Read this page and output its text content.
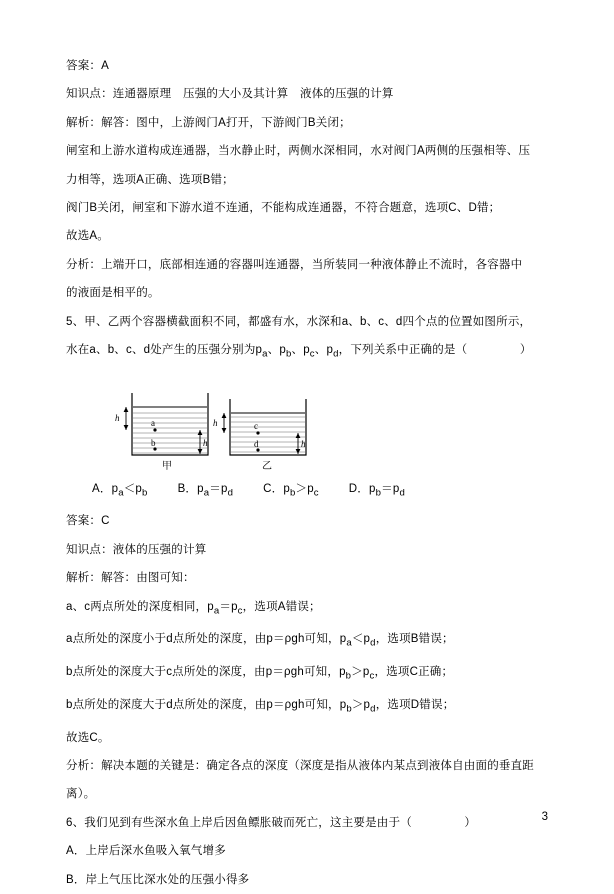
答案：A
知识点：连通器原理　压强的大小及其计算　液体的压强的计算
解析：解答：图中，上游阀门A打开，下游阀门B关闭；
闸室和上游水道构成连通器，当水静止时，两侧水深相同，水对阀门A两侧的压强相等、压
力相等，选项A正确、选项B错；
阀门B关闭，闸室和下游水道不连通，不能构成连通器，不符合题意，选项C、D错；
故选A。
分析：上端开口，底部相连通的容器叫连通器，当所装同一种液体静止不流时，各容器中
的液面是相平的。
5、甲、乙两个容器横截面积不同，都盛有水，水深和a、b、c、d四个点的位置如图所示，
水在a、b、c、d处产生的压强分别为$p_a$、$p_b$、$p_c$、$p_d$，下列关系中正确的是（　　　	）
h	a
b	h
甲
h	c
d	h
乙
A．$p_a<p_b$	B．$p_a=p_d$	C．$p_b>p_c$	D．$p_b=p_d$
答案：C
知识点：液体的压强的计算
解析：解答：由图可知：
a、c两点所处的深度相同，$p_a=p_c$，选项A错误；
a点所处的深度小于d点所处的深度，由p＝ρgh可知，$p_a<p_d$，选项B错误；
b点所处的深度大于c点所处的深度，由p＝ρgh可知，$p_b>p_c$，选项C正确；
b点所处的深度大于d点所处的深度，由p＝ρgh可知，$p_b>p_d$，选项D错误；
故选C。
分析：解决本题的关键是：确定各点的深度（深度是指从液体内某点到液体自由面的垂直距
离）。
6、我们见到有些深水鱼上岸后因鱼鳔胀破而死亡，这主要是由于（　　　	）
A．上岸后深水鱼吸入氧气增多
B．岸上气压比深水处的压强小得多
3
